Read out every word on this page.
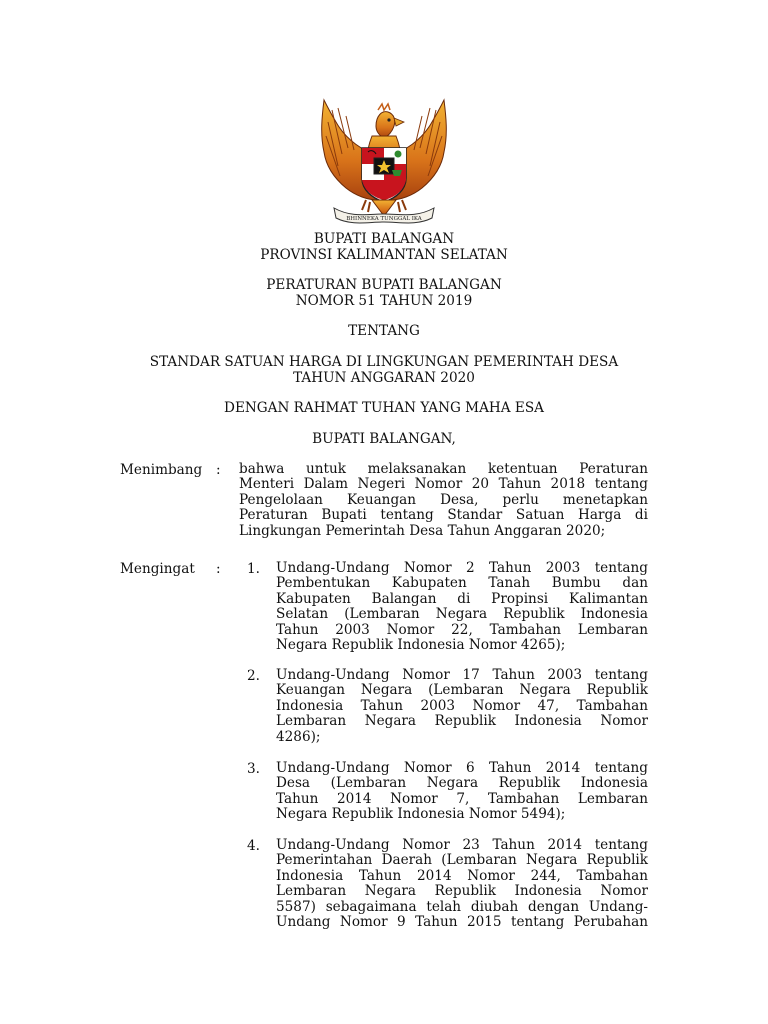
BHINNEKA TUNGGAL IKA
BUPATI BALANGAN
PROVINSI KALIMANTAN SELATAN
PERATURAN BUPATI BALANGAN
NOMOR 51 TAHUN 2019
TENTANG
STANDAR SATUAN HARGA DI LINGKUNGAN PEMERINTAH DESA
TAHUN ANGGARAN 2020
DENGAN RAHMAT TUHAN YANG MAHA ESA
BUPATI BALANGAN,
Menimbang : bahwa untuk melaksanakan ketentuan Peraturan
Menteri Dalam Negeri Nomor 20 Tahun 2018 tentang
Pengelolaan Keuangan Desa, perlu menetapkan
Peraturan Bupati tentang Standar Satuan Harga di
Lingkungan Pemerintah Desa Tahun Anggaran 2020;
Mengingat : 1. Undang-Undang Nomor 2 Tahun 2003 tentang
Pembentukan Kabupaten Tanah Bumbu dan
Kabupaten Balangan di Propinsi Kalimantan
Selatan (Lembaran Negara Republik Indonesia
Tahun 2003 Nomor 22, Tambahan Lembaran
Negara Republik Indonesia Nomor 4265);
2. Undang-Undang Nomor 17 Tahun 2003 tentang
Keuangan Negara (Lembaran Negara Republik
Indonesia Tahun 2003 Nomor 47, Tambahan
Lembaran Negara Republik Indonesia Nomor
4286);
3. Undang-Undang Nomor 6 Tahun 2014 tentang
Desa (Lembaran Negara Republik Indonesia
Tahun 2014 Nomor 7, Tambahan Lembaran
Negara Republik Indonesia Nomor 5494);
4. Undang-Undang Nomor 23 Tahun 2014 tentang
Pemerintahan Daerah (Lembaran Negara Republik
Indonesia Tahun 2014 Nomor 244, Tambahan
Lembaran Negara Republik Indonesia Nomor
5587) sebagaimana telah diubah dengan Undang-
Undang Nomor 9 Tahun 2015 tentang Perubahan
